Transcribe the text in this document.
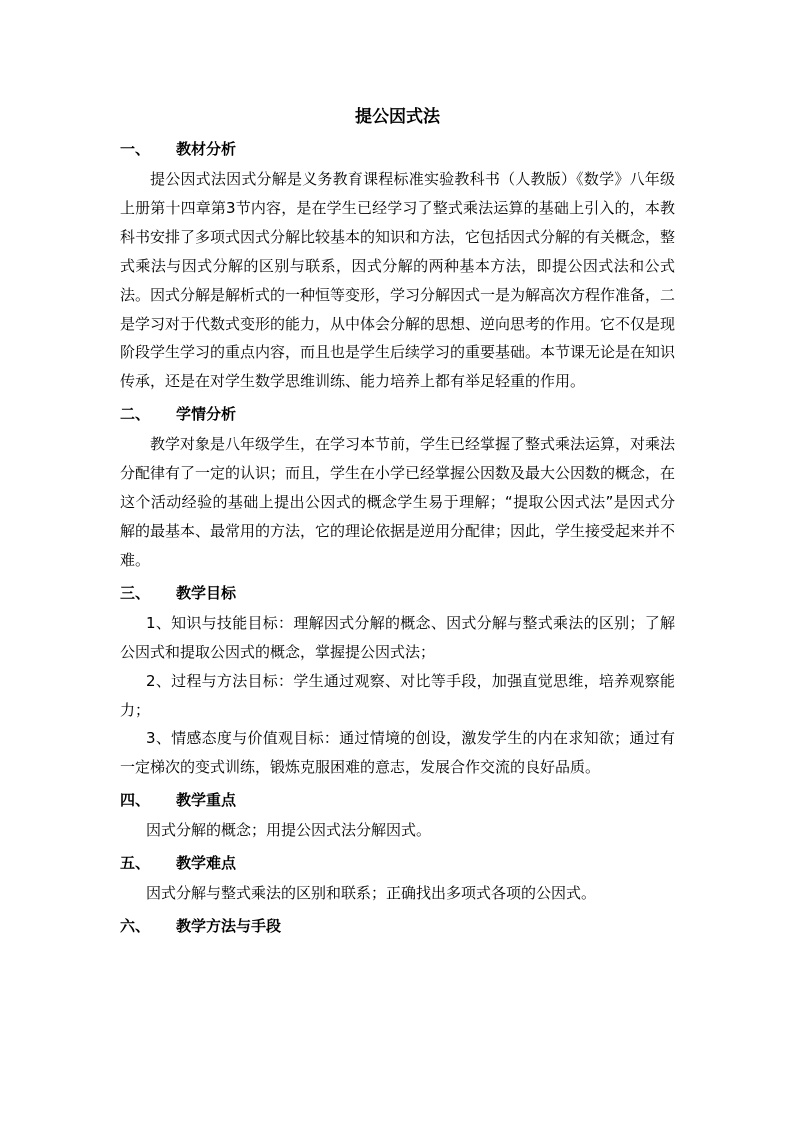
提公因式法
一、	教材分析

提公因式法因式分解是义务教育课程标准实验教科书（人教版）《数学》八年级上册第十四章第3节内容，是在学生已经学习了整式乘法运算的基础上引入的，本教科书安排了多项式因式分解比较基本的知识和方法，它包括因式分解的有关概念，整式乘法与因式分解的区别与联系，因式分解的两种基本方法，即提公因式法和公式法。因式分解是解析式的一种恒等变形，学习分解因式一是为解高次方程作准备，二是学习对于代数式变形的能力，从中体会分解的思想、逆向思考的作用。它不仅是现阶段学生学习的重点内容，而且也是学生后续学习的重要基础。本节课无论是在知识传承，还是在对学生数学思维训练、能力培养上都有举足轻重的作用。

二、	学情分析

教学对象是八年级学生，在学习本节前，学生已经掌握了整式乘法运算，对乘法分配律有了一定的认识；而且，学生在小学已经掌握公因数及最大公因数的概念，在这个活动经验的基础上提出公因式的概念学生易于理解；“提取公因式法”是因式分解的最基本、最常用的方法，它的理论依据是逆用分配律；因此，学生接受起来并不难。

三、	教学目标

1、知识与技能目标：理解因式分解的概念、因式分解与整式乘法的区别；了解公因式和提取公因式的概念，掌握提公因式法；

2、过程与方法目标：学生通过观察、对比等手段，加强直觉思维，培养观察能力；

3、情感态度与价值观目标：通过情境的创设，激发学生的内在求知欲；通过有一定梯次的变式训练，锻炼克服困难的意志，发展合作交流的良好品质。

四、	教学重点

因式分解的概念；用提公因式法分解因式。

五、	教学难点

因式分解与整式乘法的区别和联系；正确找出多项式各项的公因式。

六、	教学方法与手段
